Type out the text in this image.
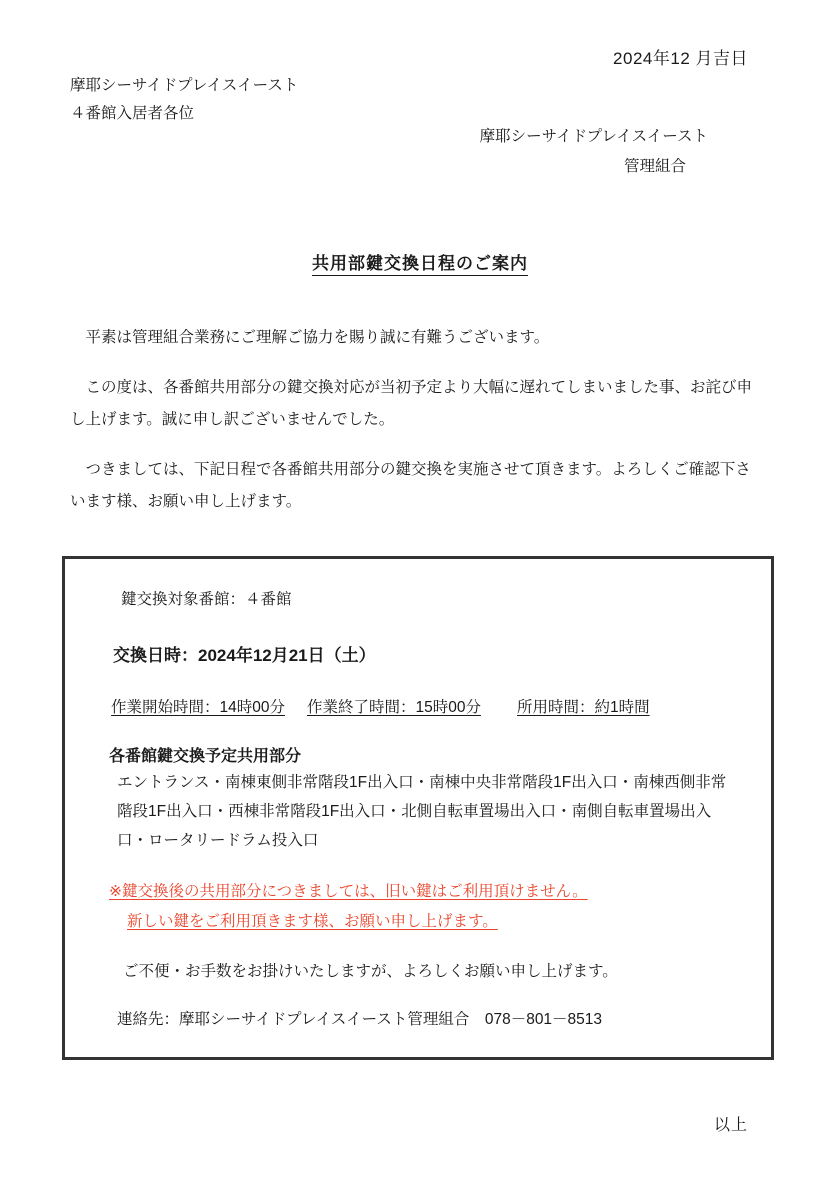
2024年12 月吉日
摩耶シーサイドプレイスイースト
４番館入居者各位
摩耶シーサイドプレイスイースト
管理組合
共用部鍵交換日程のご案内

平素は管理組合業務にご理解ご協力を賜り誠に有難うございます。

この度は、各番館共用部分の鍵交換対応が当初予定より大幅に遅れてしまいました事、お詫び申し上げます。誠に申し訳ございませんでした。

つきましては、下記日程で各番館共用部分の鍵交換を実施させて頂きます。よろしくご確認下さいます様、お願い申し上げます。

鍵交換対象番館：４番館
交換日時：2024年12月21日（土）
作業開始時間：14時00分 作業終了時間：15時00分 所用時間：約1時間
各番館鍵交換予定共用部分
エントランス・南棟東側非常階段1F出入口・南棟中央非常階段1F出入口・南棟西側非常階段1F出入口・西棟非常階段1F出入口・北側自転車置場出入口・南側自転車置場出入口・ロータリードラム投入口
※鍵交換後の共用部分につきましては、旧い鍵はご利用頂けません。
新しい鍵をご利用頂きます様、お願い申し上げます。
ご不便・お手数をお掛けいたしますが、よろしくお願い申し上げます。
連絡先：摩耶シーサイドプレイスイースト管理組合　078－801－8513
以上
